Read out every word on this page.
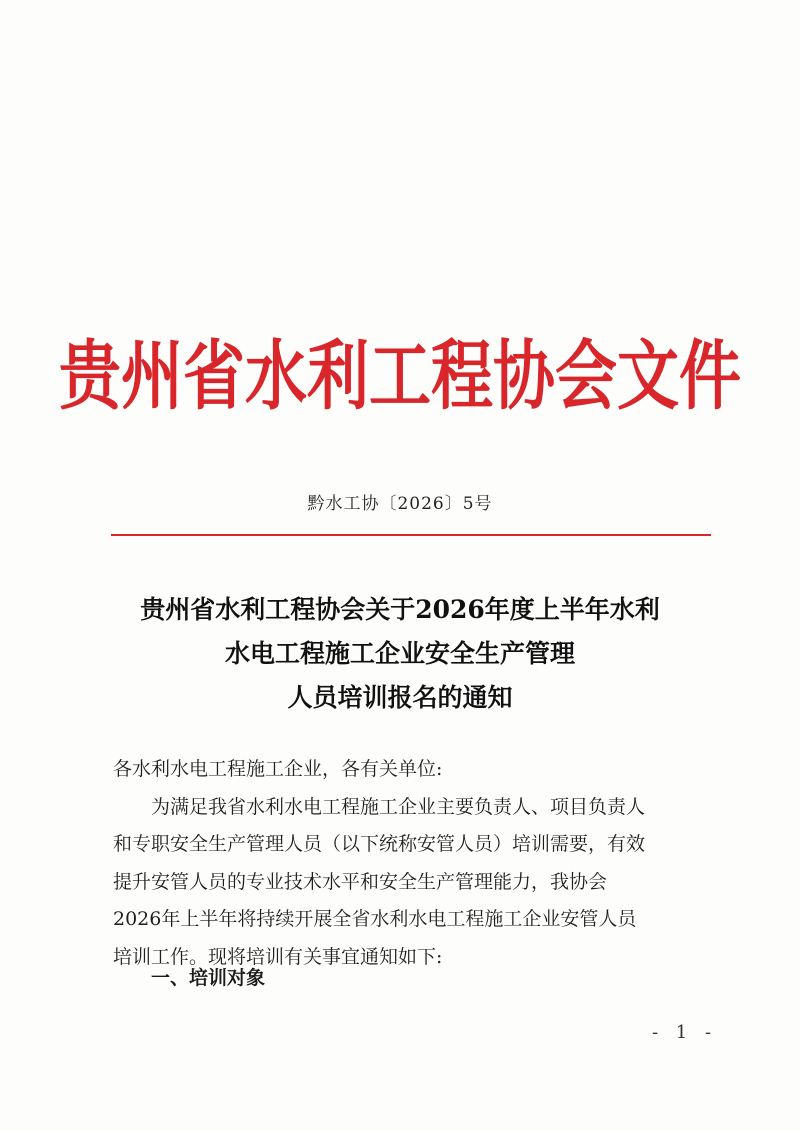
贵州省水利工程协会文件
黔水工协〔2026〕5号
贵州省水利工程协会关于2026年度上半年水利
水电工程施工企业安全生产管理
人员培训报名的通知
各水利水电工程施工企业，各有关单位:
为满足我省水利水电工程施工企业主要负责人、项目负责人
和专职安全生产管理人员（以下统称安管人员）培训需要，有效
提升安管人员的专业技术水平和安全生产管理能力，我协会
2026年上半年将持续开展全省水利水电工程施工企业安管人员
培训工作。现将培训有关事宜通知如下:
一、培训对象
- 1 -
